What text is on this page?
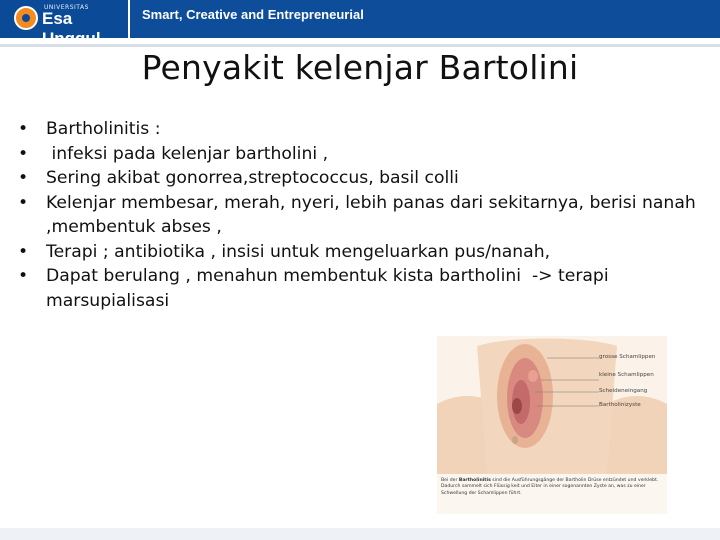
UNIVERSITAS
Esa	Smart, Creative and Entrepreneurial
Penyakit kelenjar Bartolini
• Bartholinitis :
• infeksi pada kelenjar bartholini ,
• Sering akibat gonorrea,streptococcus, basil colli
• Kelenjar membesar, merah, nyeri, lebih panas dari sekitarnya, berisi nanah ,membentuk abses ,
• Terapi ; antibiotika , insisi untuk mengeluarkan pus/nanah,
• Dapat berulang , menahun membentuk kista bartholini  -> terapi marsupialisasi
grosse Schamlippen
kleine Schamlippen
Scheideneingang
Bartholinizyste
Bei der Bartholinitis sind die Ausführungsgänge der Bartholin Drüse entzündet und verklebt. Dadurch sammelt sich Flüssig keit und Eiter in einer sogenannten Zyste an, was zu einer Schwellung der Schamlippen führt.
